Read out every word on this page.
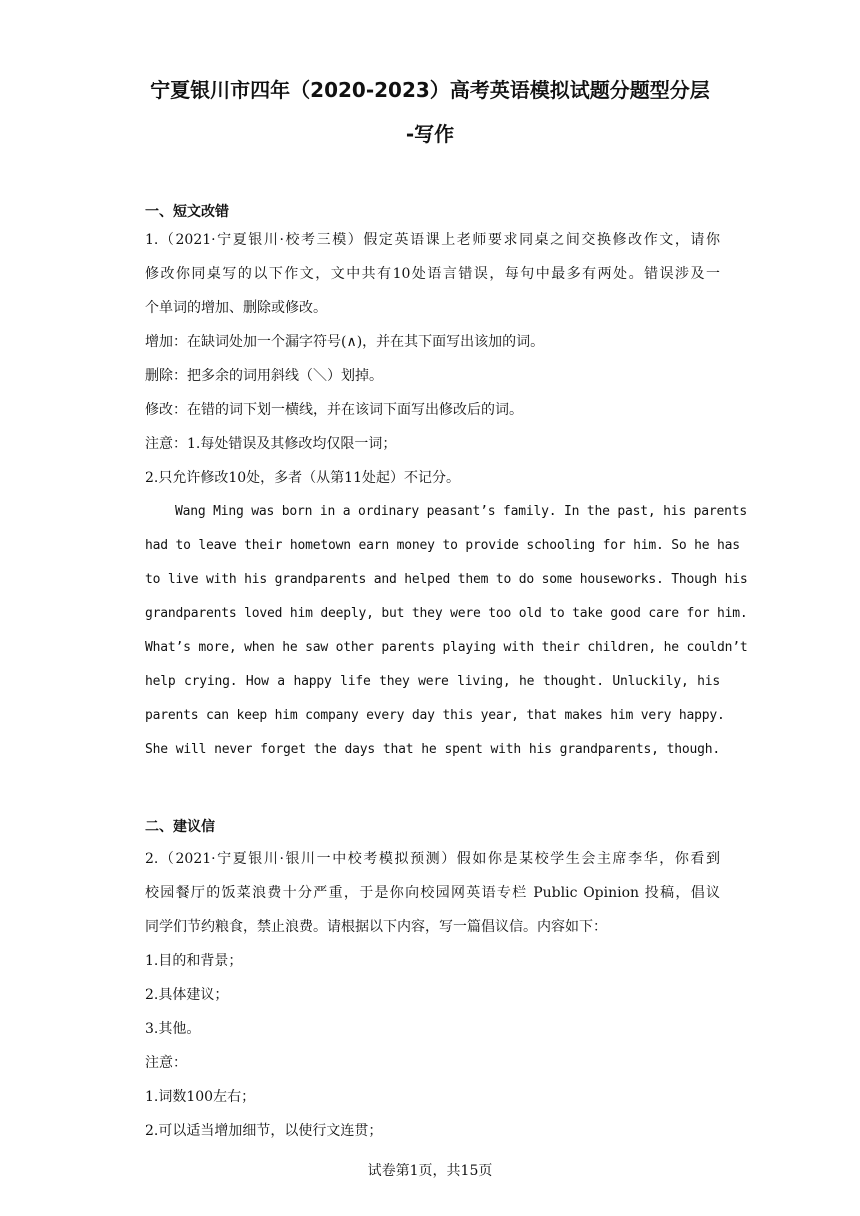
宁夏银川市四年（2020-2023）高考英语模拟试题分题型分层
-写作
一、短文改错
1.（2021·宁夏银川·校考三模）假定英语课上老师要求同桌之间交换修改作文，请你
修改你同桌写的以下作文，文中共有10处语言错误，每句中最多有两处。错误涉及一
个单词的增加、删除或修改。
增加：在缺词处加一个漏字符号(∧)，并在其下面写出该加的词。
删除：把多余的词用斜线（＼）划掉。
修改：在错的词下划一横线，并在该词下面写出修改后的词。
注意：1.每处错误及其修改均仅限一词；
2.只允许修改10处，多者（从第11处起）不记分。
Wang Ming was born in a ordinary peasant’s family. In the past, his parents
had to leave their hometown earn money to provide schooling for him. So he has
to live with his grandparents and helped them to do some houseworks. Though his
grandparents loved him deeply, but they were too old to take good care for him.
What’s more, when he saw other parents playing with their children, he couldn’t
help crying. How a happy life they were living, he thought. Unluckily, his
parents can keep him company every day this year, that makes him very happy.
She will never forget the days that he spent with his grandparents, though.
二、建议信
2.（2021·宁夏银川·银川一中校考模拟预测）假如你是某校学生会主席李华，你看到
校园餐厅的饭菜浪费十分严重，于是你向校园网英语专栏 Public Opinion 投稿，倡议
同学们节约粮食，禁止浪费。请根据以下内容，写一篇倡议信。内容如下：
1.目的和背景；
2.具体建议；
3.其他。
注意：
1.词数100左右；
2.可以适当增加细节，以使行文连贯；
试卷第1页，共15页
